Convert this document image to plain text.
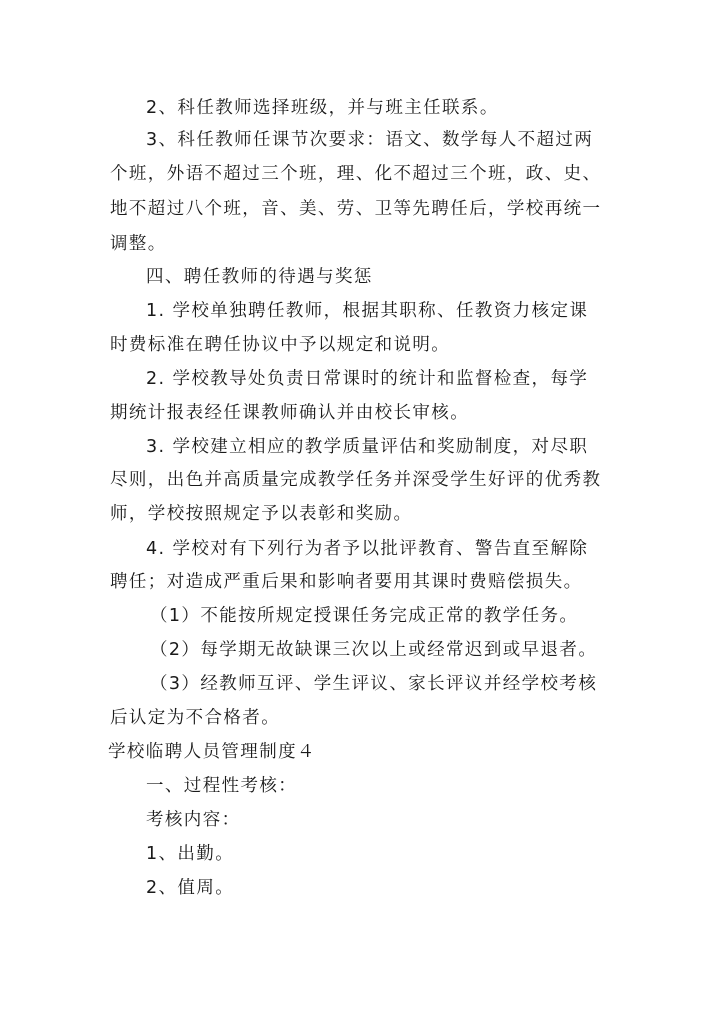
2、科任教师选择班级，并与班主任联系。
3、科任教师任课节次要求：语文、数学每人不超过两
个班，外语不超过三个班，理、化不超过三个班，政、史、
地不超过八个班，音、美、劳、卫等先聘任后，学校再统一
调整。
四、聘任教师的待遇与奖惩
1. 学校单独聘任教师，根据其职称、任教资力核定课
时费标准在聘任协议中予以规定和说明。
2. 学校教导处负责日常课时的统计和监督检查，每学
期统计报表经任课教师确认并由校长审核。
3. 学校建立相应的教学质量评估和奖励制度，对尽职
尽则，出色并高质量完成教学任务并深受学生好评的优秀教
师，学校按照规定予以表彰和奖励。
4. 学校对有下列行为者予以批评教育、警告直至解除
聘任；对造成严重后果和影响者要用其课时费赔偿损失。
（1）不能按所规定授课任务完成正常的教学任务。
（2）每学期无故缺课三次以上或经常迟到或早退者。
（3）经教师互评、学生评议、家长评议并经学校考核
后认定为不合格者。
学校临聘人员管理制度４
一、过程性考核：
考核内容：
1、出勤。
2、值周。
